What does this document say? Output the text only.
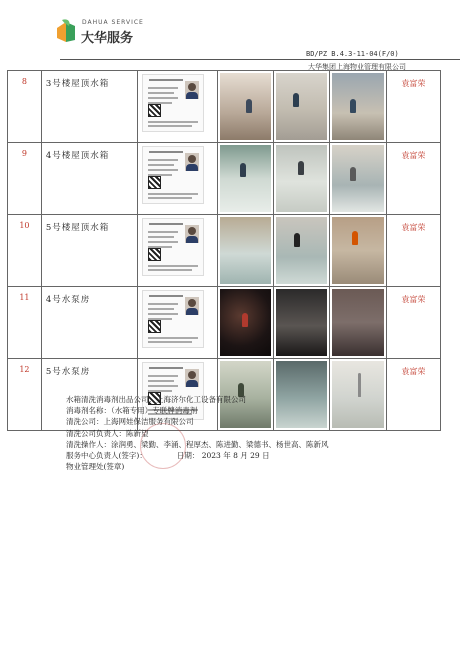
DAHUA SERVICE
大华服务
BD/PZ B.4.3-11-04(F/0)
大华集团上海物业管理有限公司
8	3号楼屋顶水箱					袁富荣
9	4号楼屋顶水箱					袁富荣
10	5号楼屋顶水箱					袁富荣
11	4号水泵房					袁富荣
12	5号水泵房					袁富荣
水箱清洗消毒剂出品公司：上海济尔化工设备有限公司
消毒剂名称：（水箱专用）专联牌消毒剂
清洗公司：上海网娃保洁服务有限公司
清洗公司负责人：陈新望
清洗操作人：涂润勇、梁勤、李涌、程厚杰、陈进勤、梁德书、杨世高、陈新风
服务中心负责人(签字)：	日期： 2023 年 8 月 29 日
物业管理处(签章)
